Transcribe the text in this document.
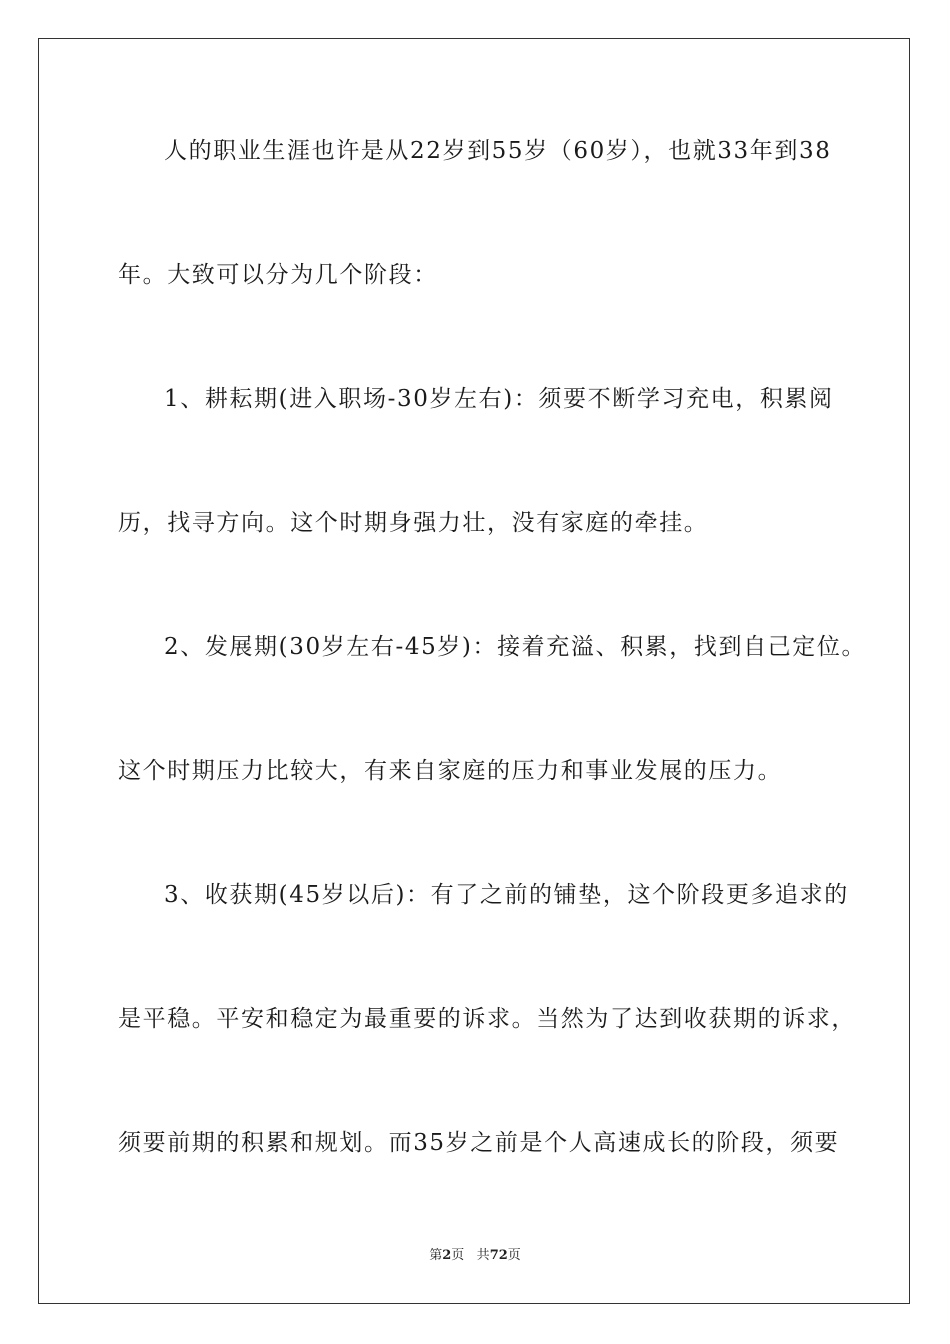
人的职业生涯也许是从22岁到55岁（60岁），也就33年到38
年。大致可以分为几个阶段：
1、耕耘期(进入职场-30岁左右)：须要不断学习充电，积累阅
历，找寻方向。这个时期身强力壮，没有家庭的牵挂。
2、发展期(30岁左右-45岁)：接着充溢、积累，找到自己定位。
这个时期压力比较大，有来自家庭的压力和事业发展的压力。
3、收获期(45岁以后)：有了之前的铺垫，这个阶段更多追求的
是平稳。平安和稳定为最重要的诉求。当然为了达到收获期的诉求，
须要前期的积累和规划。而35岁之前是个人高速成长的阶段，须要
第2页 共72页
